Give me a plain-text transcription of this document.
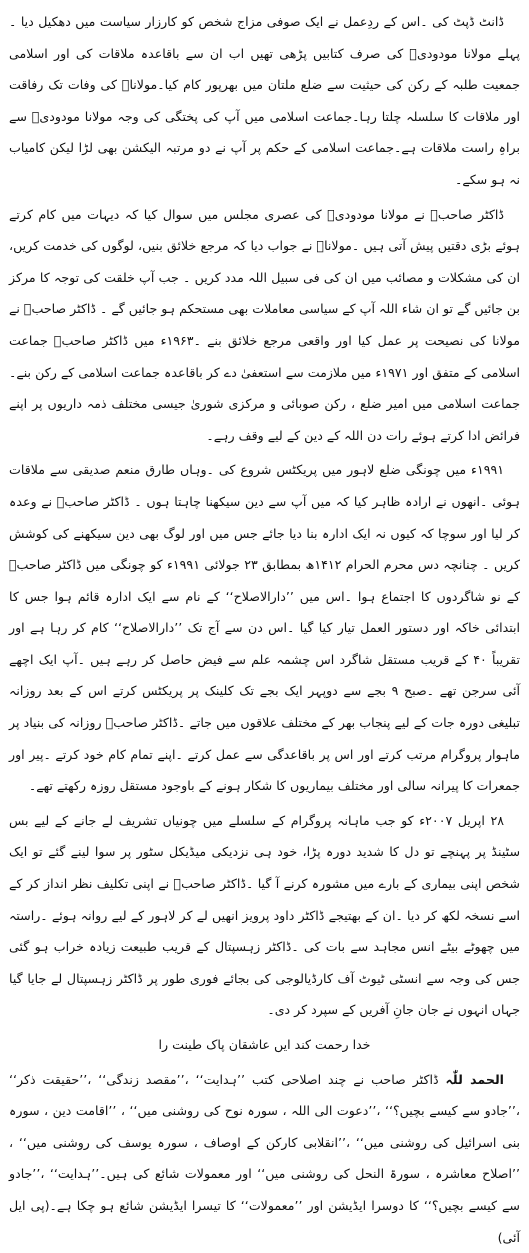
ڈانٹ ڈپٹ کی ۔اس کے ردِعمل نے ایک صوفی مزاج شخص کو کارزار سیاست میں دھکیل دیا ۔ پہلے مولانا مودودیؒ کی صرف کتابیں پڑھی تھیں اب ان سے باقاعدہ ملاقات کی اور اسلامی جمعیت طلبہ کے رکن کی حیثیت سے ضلع ملتان میں بھرپور کام کیا۔مولاناؒ کی وفات تک رفاقت اور ملاقات کا سلسلہ چلتا رہا۔جماعت اسلامی میں آپ کی پختگی کی وجہ مولانا مودودیؒ سے براہِ راست ملاقات ہے۔جماعت اسلامی کے حکم پر آپ نے دو مرتبہ الیکشن بھی لڑا لیکن کامیاب نہ ہو سکے۔

ڈاکٹر صاحبؒ نے مولانا مودودیؒ کی عصری مجلس میں سوال کیا کہ دیہات میں کام کرتے ہوئے بڑی دقتیں پیش آتی ہیں ۔مولاناؒ نے جواب دیا کہ مرجع خلائق بنیں، لوگوں کی خدمت کریں، ان کی مشکلات و مصائب میں ان کی فی سبیل اللہ مدد کریں ۔ جب آپ خلقت کی توجہ کا مرکز بن جائیں گے تو ان شاء اللہ آپ کے سیاسی معاملات بھی مستحکم ہو جائیں گے ۔ ڈاکٹر صاحبؒ نے مولانا کی نصیحت پر عمل کیا اور واقعی مرجع خلائق بنے ۔۱۹۶۳ء میں ڈاکٹر صاحبؒ جماعت اسلامی کے متفق اور ۱۹۷۱ء میں ملازمت سے استعفیٰ دے کر باقاعدہ جماعت اسلامی کے رکن بنے۔جماعت اسلامی میں امیر ضلع ، رکن صوبائی و مرکزی شوریٰ جیسی مختلف ذمہ داریوں پر اپنے فرائض ادا کرتے ہوئے رات دن اللہ کے دین کے لیے وقف رہے۔

۱۹۹۱ء میں چونگی ضلع لاہور میں پریکٹس شروع کی ۔وہاں طارق منعم صدیقی سے ملاقات ہوئی ۔انھوں نے ارادہ ظاہر کیا کہ میں آپ سے دین سیکھنا چاہتا ہوں ۔ ڈاکٹر صاحبؒ نے وعدہ کر لیا اور سوچا کہ کیوں نہ ایک ادارہ بنا دیا جائے جس میں اور لوگ بھی دین سیکھنے کی کوشش کریں ۔ چنانچہ دس محرم الحرام ۱۴۱۲ھ بمطابق ۲۳ جولائی ۱۹۹۱ء کو چونگی میں ڈاکٹر صاحبؒ کے نو شاگردوں کا اجتماع ہوا ۔اس میں ’’دارالاصلاح‘‘ کے نام سے ایک ادارہ قائم ہوا جس کا ابتدائی خاکہ اور دستور العمل تیار کیا گیا ۔اس دن سے آج تک ’’دارالاصلاح‘‘ کام کر رہا ہے اور تقریباً ۴۰ کے قریب مستقل شاگرد اس چشمہ علم سے فیض حاصل کر رہے ہیں ۔آپ ایک اچھے آئی سرجن تھے ۔صبح ۹ بجے سے دوپہر ایک بجے تک کلینک پر پریکٹس کرتے اس کے بعد روزانہ تبلیغی دورہ جات کے لیے پنجاب بھر کے مختلف علاقوں میں جاتے ۔ڈاکٹر صاحبؒ روزانہ کی بنیاد پر ماہوار پروگرام مرتب کرتے اور اس پر باقاعدگی سے عمل کرتے ۔اپنے تمام کام خود کرتے ۔پیر اور جمعرات کا پیرانہ سالی اور مختلف بیماریوں کا شکار ہونے کے باوجود مستقل روزہ رکھتے تھے۔

۲۸ اپریل ۲۰۰۷ء کو جب ماہانہ پروگرام کے سلسلے میں چونیاں تشریف لے جانے کے لیے بس سٹینڈ پر پہنچے تو دل کا شدید دورہ پڑا، خود ہی نزدیکی میڈیکل سٹور پر سوا لینے گئے تو ایک شخص اپنی بیماری کے بارے میں مشورہ کرنے آ گیا ۔ڈاکٹر صاحبؒ نے اپنی تکلیف نظر انداز کر کے اسے نسخہ لکھ کر دیا ۔ان کے بھتیجے ڈاکٹر داود پرویز انھیں لے کر لاہور کے لیے روانہ ہوئے ۔راستہ میں چھوٹے بیٹے انس مجاہد سے بات کی ۔ڈاکٹر زہسپتال کے قریب طبیعت زیادہ خراب ہو گئی جس کی وجہ سے انسٹی ٹیوٹ آف کارڈیالوجی کی بجائے فوری طور پر ڈاکٹر زہسپتال لے جایا گیا جہاں انہوں نے جان جانِ آفریں کے سپرد کر دی۔

خدا رحمت کند ایں عاشقان پاک طینت را

الحمد للّٰہ ڈاکٹر صاحب نے چند اصلاحی کتب ’’ہدایت‘‘ ،’’مقصد زندگی‘‘ ،’’حقیقت ذکر‘‘ ،’’جادو سے کیسے بچیں؟‘‘ ،’’دعوت الی اللہ ، سورہ نوح کی روشنی میں‘‘ ، ’’اقامت دین ، سورہ بنی اسرائیل کی روشنی میں‘‘ ،’’انقلابی کارکن کے اوصاف ، سورہ یوسف کی روشنی میں‘‘ ، ’’اصلاح معاشرہ ، سورۃ النحل کی روشنی میں‘‘ اور معمولات شائع کی ہیں۔’’ہدایت‘‘ ،’’جادو سے کیسے بچیں؟‘‘ کا دوسرا ایڈیشن اور ’’معمولات‘‘ کا تیسرا ایڈیشن شائع ہو چکا ہے۔(پی ایل آئی)
